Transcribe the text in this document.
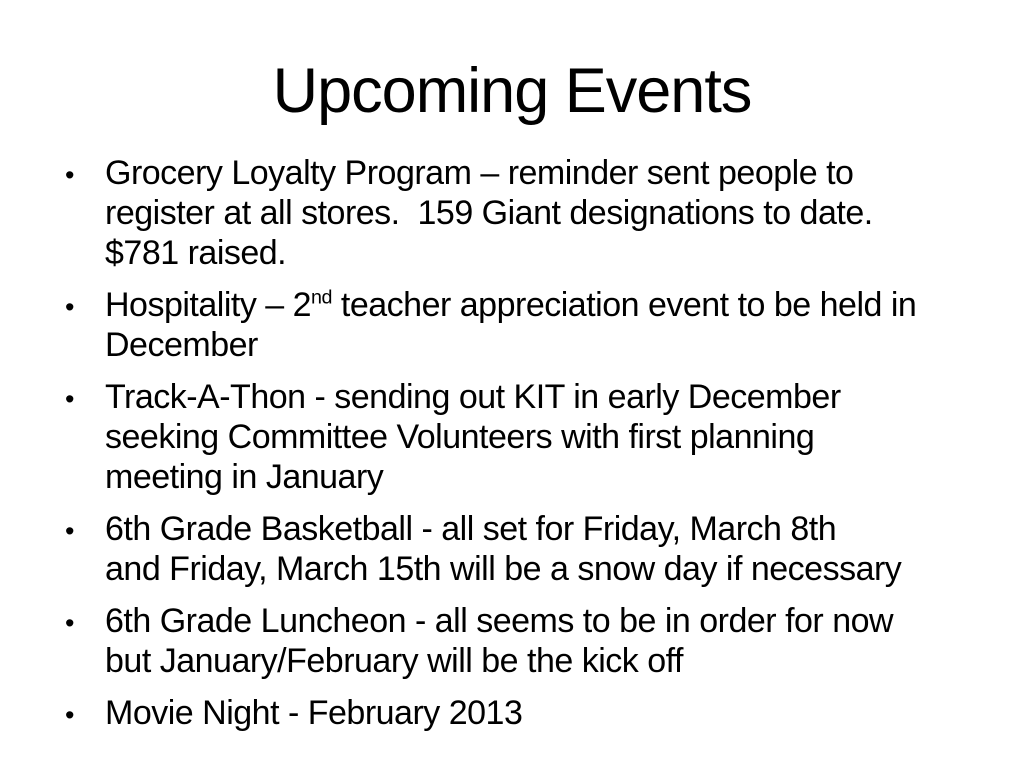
Upcoming Events
• Grocery Loyalty Program – reminder sent people to
register at all stores.  159 Giant designations to date.
$781 raised.
• Hospitality – 2nd teacher appreciation event to be held in
December
• Track-A-Thon - sending out KIT in early December
seeking Committee Volunteers with first planning
meeting in January
• 6th Grade Basketball - all set for Friday, March 8th
and Friday, March 15th will be a snow day if necessary
• 6th Grade Luncheon - all seems to be in order for now
but January/February will be the kick off
• Movie Night - February 2013
